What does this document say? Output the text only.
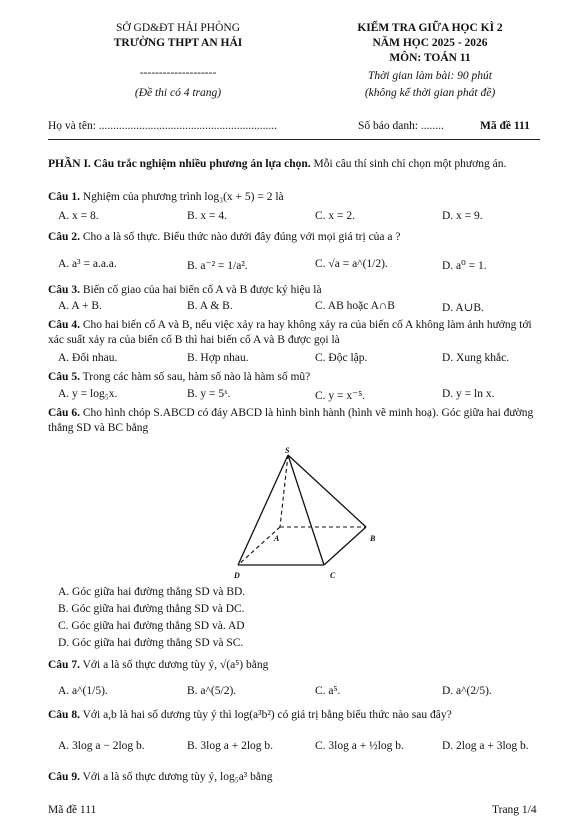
SỞ GD&ĐT HẢI PHÒNG
TRƯỜNG THPT AN HẢI
--------------------
(Đề thi có 4 trang)
KIỂM TRA GIỮA HỌC KÌ 2
NĂM HỌC 2025 - 2026
MÔN: TOÁN 11
Thời gian làm bài: 90 phút
(không kể thời gian phát đề)
Họ và tên: ..............................................................	Số báo danh: ........	Mã đề 111
PHẦN I. Câu trắc nghiệm nhiều phương án lựa chọn. Mỗi câu thí sinh chỉ chọn một phương án.
Câu 1. Nghiệm của phương trình log₃(x + 5) = 2 là
A. x = 8.	B. x = 4.	C. x = 2.	D. x = 9.
Câu 2. Cho a là số thực. Biểu thức nào dưới đây đúng với mọi giá trị của a ?
A. a³ = a.a.a.	B. a⁻² = 1/a².	C. √a = a^(1/2).	D. a⁰ = 1.
Câu 3. Biến cố giao của hai biến cố A và B được ký hiệu là
A. A + B.	B. A & B.	C. AB hoặc A∩B	D. A∪B.
Câu 4. Cho hai biến cố A và B, nếu việc xảy ra hay không xảy ra của biến cố A không làm ảnh hưởng tới xác suất xảy ra của biến cố B thì hai biến cố A và B được gọi là
A. Đối nhau.	B. Hợp nhau.	C. Độc lập.	D. Xung khắc.
Câu 5. Trong các hàm số sau, hàm số nào là hàm số mũ?
A. y = log₅x.	B. y = 5ˣ.	C. y = x⁻⁵.	D. y = ln x.
Câu 6. Cho hình chóp S.ABCD có đáy ABCD là hình bình hành (hình vẽ minh hoạ). Góc giữa hai đường thẳng SD và BC bằng
S
A	B
C
D
A. Góc giữa hai đường thẳng SD và BD.
B. Góc giữa hai đường thẳng SD và DC.
C. Góc giữa hai đường thẳng SD và. AD
D. Góc giữa hai đường thẳng SD và SC.
Câu 7. Với a là số thực dương tùy ý, √(a⁵) bằng
A. a^(1/5).	B. a^(5/2).	C. a⁵.	D. a^(2/5).
Câu 8. Với a,b là hai số dương tùy ý thì log(a³b²) có giá trị bằng biểu thức nào sau đây?
A. 3log a − 2log b.	B. 3log a + 2log b.	C. 3log a + ½log b.	D. 2log a + 3log b.
Câu 9. Với a là số thực dương tùy ý, log₅a³ bằng
Mã đề 111	Trang 1/4
